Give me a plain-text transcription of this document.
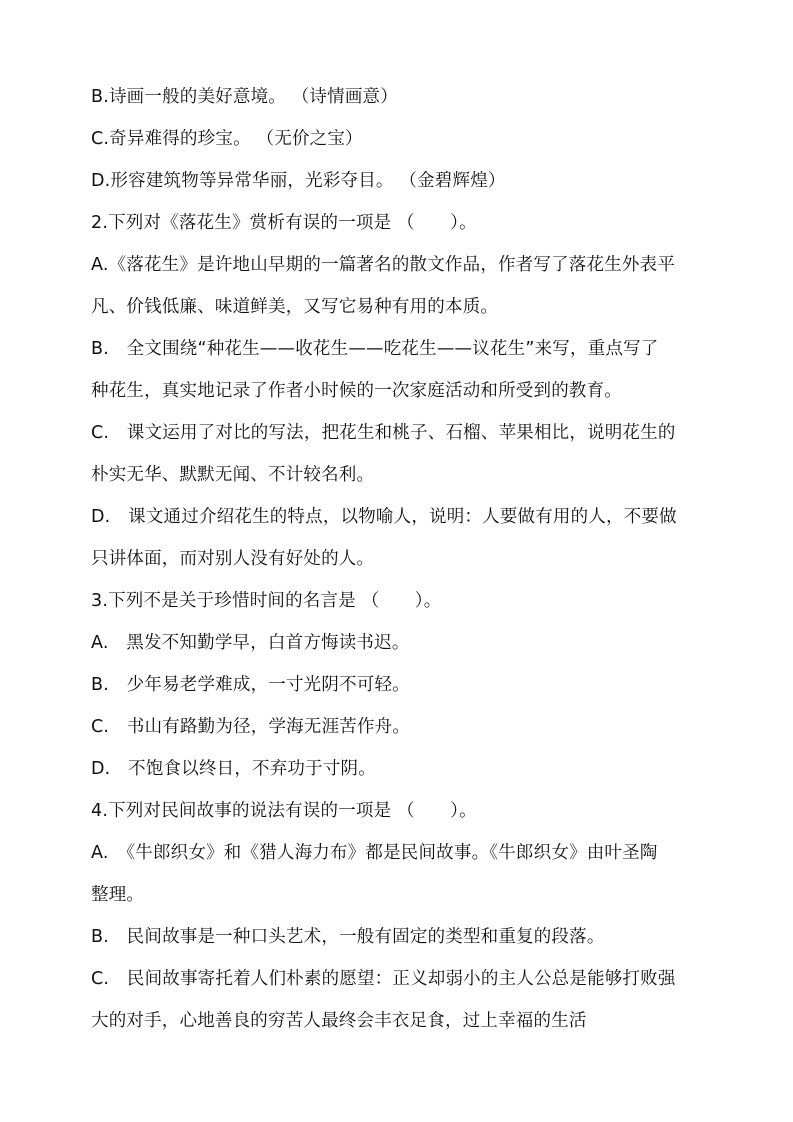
B.诗画一般的美好意境。 （诗情画意）
C.奇异难得的珍宝。 （无价之宝）
D.形容建筑物等异常华丽，光彩夺目。 （金碧辉煌）
2.下列对《落花生》赏析有误的一项是 （　　）。
A.《落花生》是许地山早期的一篇著名的散文作品，作者写了落花生外表平
凡、价钱低廉、味道鲜美，又写它易种有用的本质。
B.　全文围绕“种花生——收花生——吃花生——议花生”来写，重点写了
种花生，真实地记录了作者小时候的一次家庭活动和所受到的教育。
C.　课文运用了对比的写法，把花生和桃子、石榴、苹果相比，说明花生的
朴实无华、默默无闻、不计较名利。
D.　课文通过介绍花生的特点，以物喻人，说明：人要做有用的人，不要做
只讲体面，而对别人没有好处的人。
3.下列不是关于珍惜时间的名言是 （　　）。
A.　黑发不知勤学早，白首方悔读书迟。
B.　少年易老学难成，一寸光阴不可轻。
C.　书山有路勤为径，学海无涯苦作舟。
D.　不饱食以终日，不弃功于寸阴。
4.下列对民间故事的说法有误的一项是 （　　）。
A.　《牛郎织女》和《猎人海力布》都是民间故事。《牛郎织女》由叶圣陶
整理。
B.　民间故事是一种口头艺术，一般有固定的类型和重复的段落。
C.　民间故事寄托着人们朴素的愿望：正义却弱小的主人公总是能够打败强
大的对手，心地善良的穷苦人最终会丰衣足食，过上幸福的生活
